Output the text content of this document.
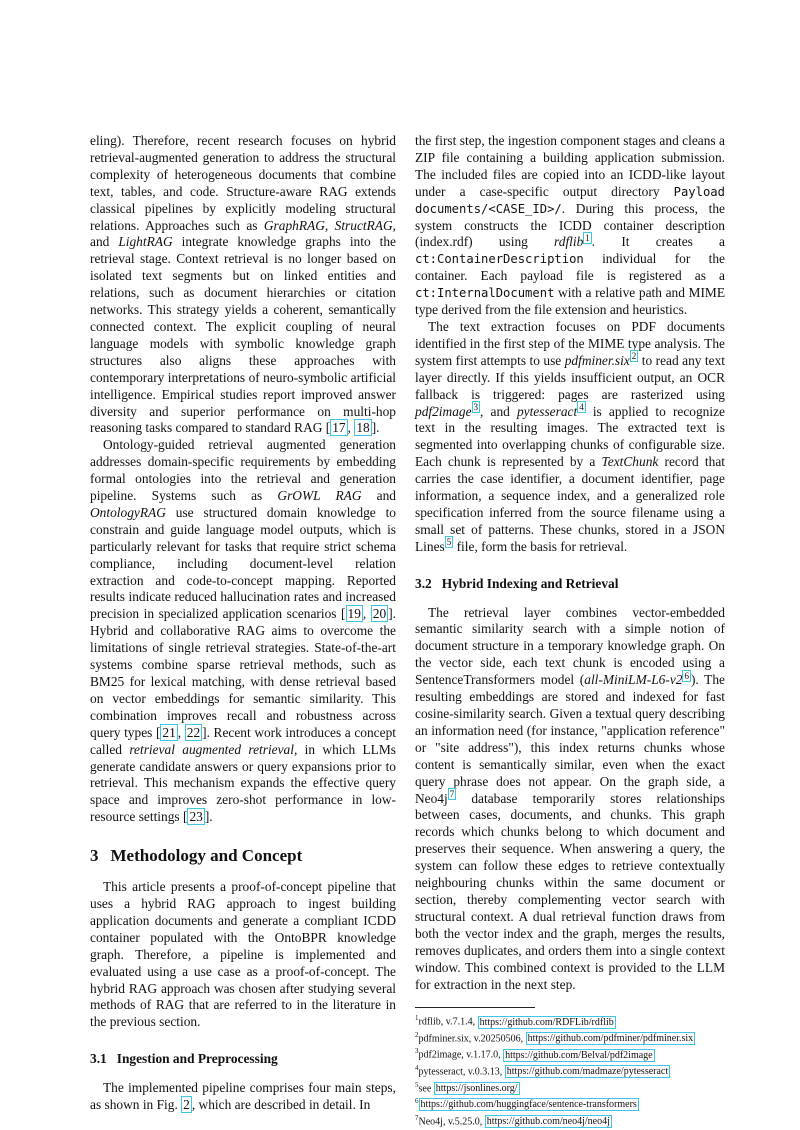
eling). Therefore, recent research focuses on hybrid retrieval-augmented generation to address the structural complexity of heterogeneous documents that combine text, tables, and code. Structure-aware RAG extends classical pipelines by explicitly modeling structural relations. Approaches such as GraphRAG, StructRAG, and LightRAG integrate knowledge graphs into the retrieval stage. Context retrieval is no longer based on isolated text segments but on linked entities and relations, such as document hierarchies or citation networks. This strategy yields a coherent, semantically connected context. The explicit coupling of neural language models with symbolic knowledge graph structures also aligns these approaches with contemporary interpretations of neuro-symbolic artificial intelligence. Empirical studies report improved answer diversity and superior performance on multi-hop reasoning tasks compared to standard RAG [ 17 , 18 ].

Ontology-guided retrieval augmented generation addresses domain-specific requirements by embedding formal ontologies into the retrieval and generation pipeline. Systems such as GrOWL RAG and OntologyRAG use structured domain knowledge to constrain and guide language model outputs, which is particularly relevant for tasks that require strict schema compliance, including document-level relation extraction and code-to-concept mapping. Reported results indicate reduced hallucination rates and increased precision in specialized application scenarios [ 19 , 20 ]. Hybrid and collaborative RAG aims to overcome the limitations of single retrieval strategies. State-of-the-art systems combine sparse retrieval methods, such as BM25 for lexical matching, with dense retrieval based on vector embeddings for semantic similarity. This combination improves recall and robustness across query types [ 21 , 22 ]. Recent work introduces a concept called retrieval augmented retrieval, in which LLMs generate candidate answers or query expansions prior to retrieval. This mechanism expands the effective query space and improves zero-shot performance in low-resource settings [ 23 ].

3 Methodology and Concept

This article presents a proof-of-concept pipeline that uses a hybrid RAG approach to ingest building application documents and generate a compliant ICDD container populated with the OntoBPR knowledge graph. Therefore, a pipeline is implemented and evaluated using a use case as a proof-of-concept. The hybrid RAG approach was chosen after studying several methods of RAG that are referred to in the literature in the previous section.

3.1 Ingestion and Preprocessing

The implemented pipeline comprises four main steps, as shown in Fig. 2 , which are described in detail. In

the first step, the ingestion component stages and cleans a ZIP file containing a building application submission. The included files are copied into an ICDD-like layout under a case-specific output directory Payload documents/<CASE_ID>/. During this process, the system constructs the ICDD container description (index.rdf) using rdflib $^1$ . It creates a ct:ContainerDescription individual for the container. Each payload file is registered as a ct:InternalDocument with a relative path and MIME type derived from the file extension and heuristics.

The text extraction focuses on PDF documents identified in the first step of the MIME type analysis. The system first attempts to use pdfminer.six $^2$ to read any text layer directly. If this yields insufficient output, an OCR fallback is triggered: pages are rasterized using pdf2image $^3$ , and pytesseract $^4$ is applied to recognize text in the resulting images. The extracted text is segmented into overlapping chunks of configurable size. Each chunk is represented by a TextChunk record that carries the case identifier, a document identifier, page information, a sequence index, and a generalized role specification inferred from the source filename using a small set of patterns. These chunks, stored in a JSON Lines $^5$ file, form the basis for retrieval.

3.2 Hybrid Indexing and Retrieval

The retrieval layer combines vector-embedded semantic similarity search with a simple notion of document structure in a temporary knowledge graph. On the vector side, each text chunk is encoded using a SentenceTransformers model (all-MiniLM-L6-v2 $^6$ ). The resulting embeddings are stored and indexed for fast cosine-similarity search. Given a textual query describing an information need (for instance, "application reference" or "site address"), this index returns chunks whose content is semantically similar, even when the exact query phrase does not appear. On the graph side, a Neo4j $^7$ database temporarily stores relationships between cases, documents, and chunks. This graph records which chunks belong to which document and preserves their sequence. When answering a query, the system can follow these edges to retrieve contextually neighbouring chunks within the same document or section, thereby complementing vector search with structural context. A dual retrieval function draws from both the vector index and the graph, merges the results, removes duplicates, and orders them into a single context window. This combined context is provided to the LLM for extraction in the next step.

$^1$rdflib, v.7.1.4, https://github.com/RDFLib/rdflib
$^2$pdfminer.six, v.20250506, https://github.com/pdfminer/pdfminer.six
$^3$pdf2image, v.1.17.0, https://github.com/Belval/pdf2image
$^4$pytesseract, v.0.3.13, https://github.com/madmaze/pytesseract
$^5$see https://jsonlines.org/
$^6$ https://github.com/huggingface/sentence-transformers
$^7$Neo4j, v.5.25.0, https://github.com/neo4j/neo4j
